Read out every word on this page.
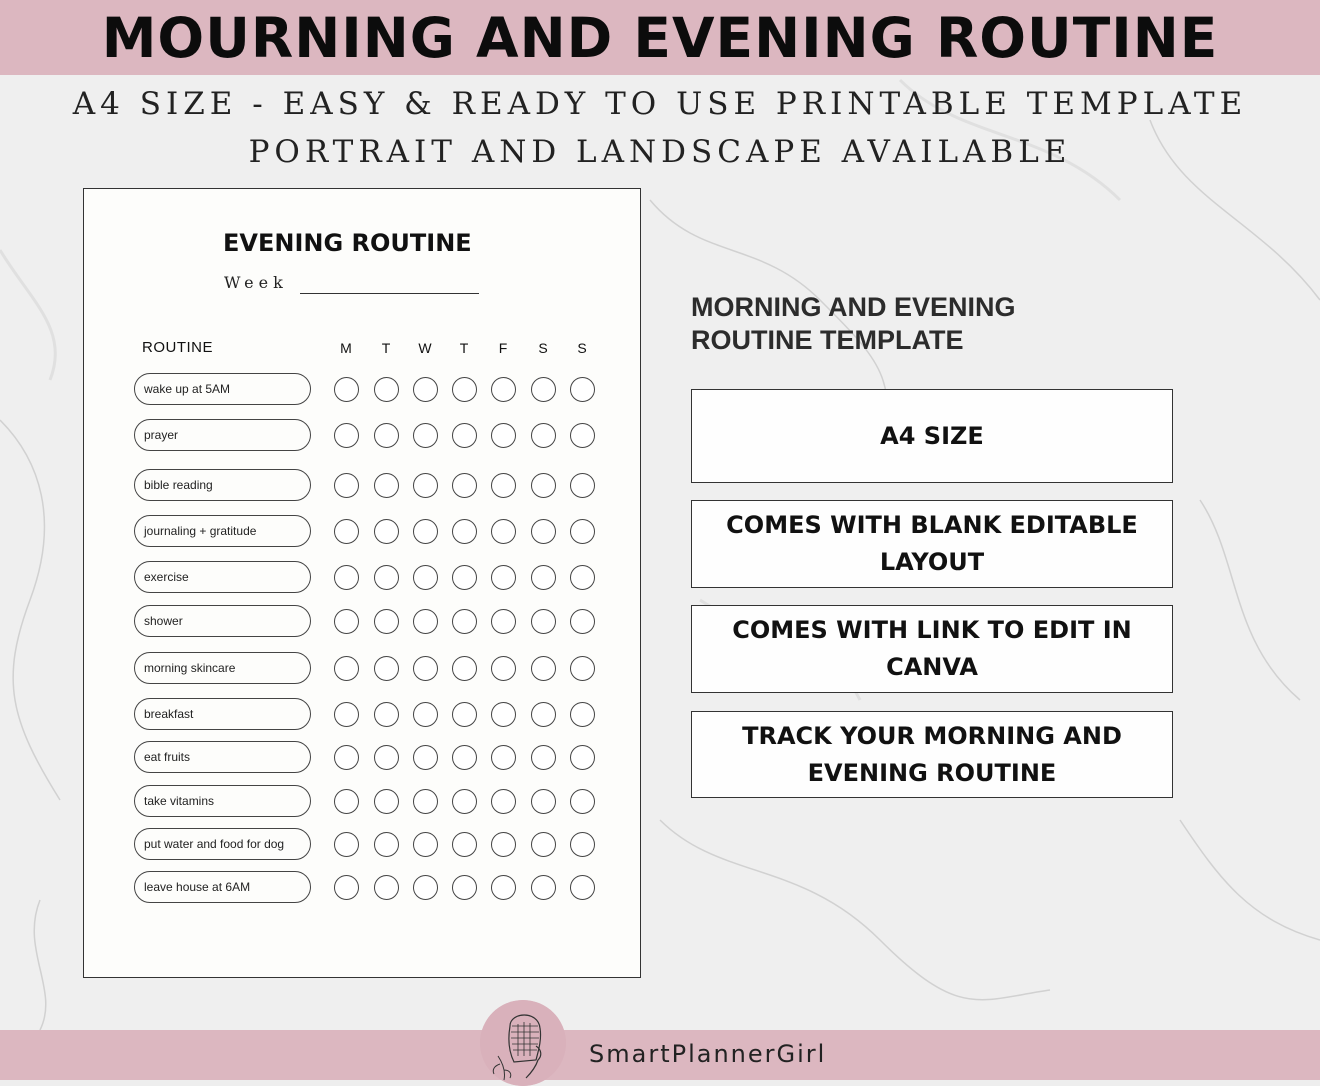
MOURNING AND EVENING ROUTINE
A4 SIZE - EASY & READY TO USE PRINTABLE TEMPLATE
PORTRAIT AND LANDSCAPE AVAILABLE
EVENING ROUTINE
Week
ROUTINE	M	T	W	T	F	S	S
wake up at 5AM
prayer
bible reading
journaling + gratitude
exercise
shower
morning skincare
breakfast
eat fruits
take vitamins
put water and food for dog
leave house at 6AM
MORNING AND EVENING ROUTINE TEMPLATE
A4 SIZE
COMES WITH BLANK EDITABLE LAYOUT
COMES WITH LINK TO EDIT IN CANVA
TRACK YOUR MORNING AND EVENING ROUTINE
SmartPlannerGirl
